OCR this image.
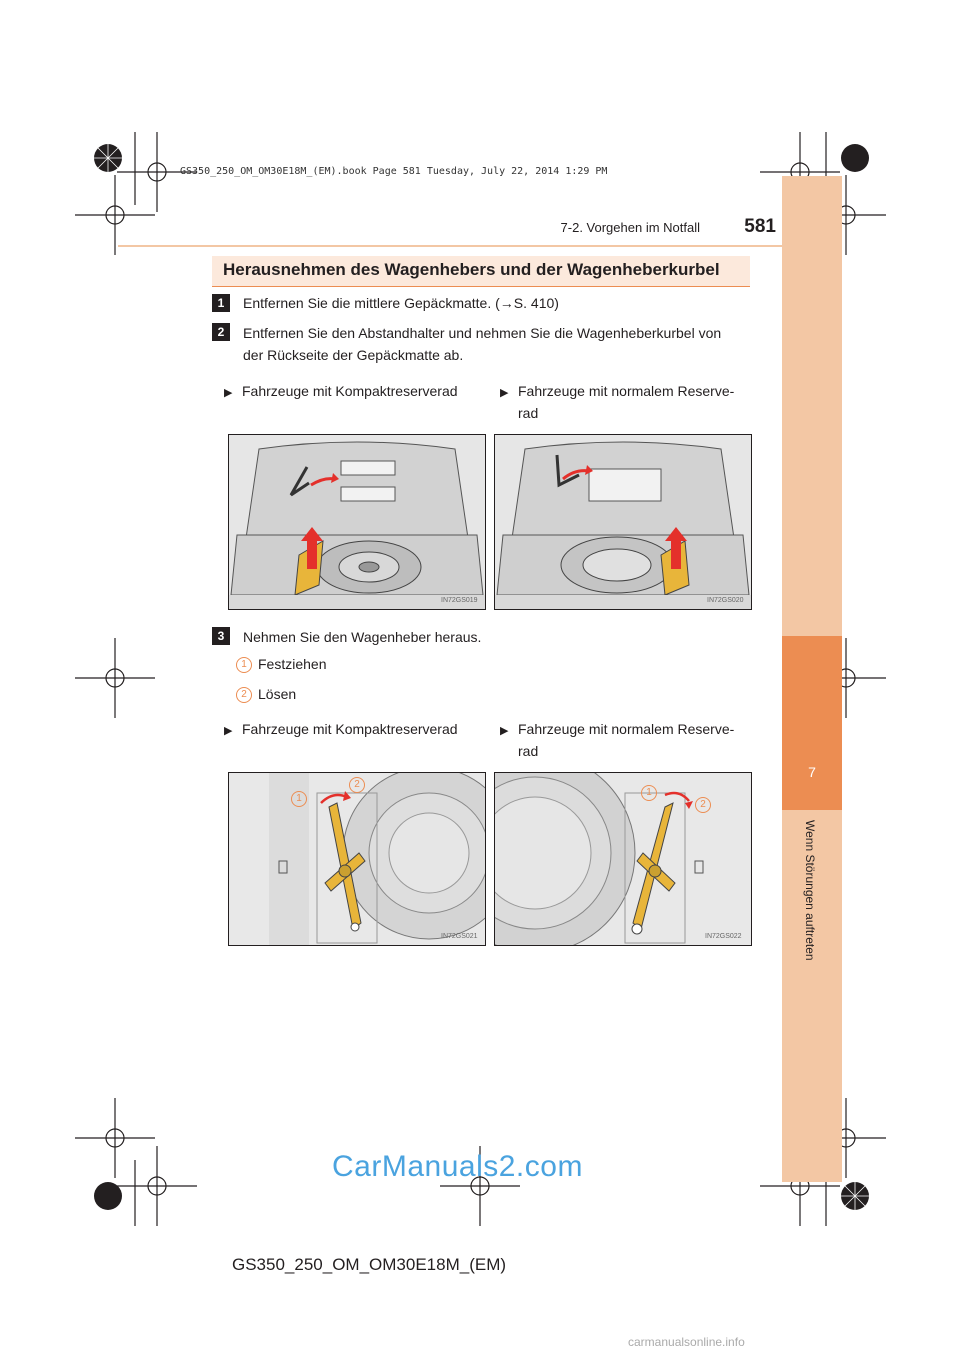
GS350_250_OM_OM30E18M_(EM).book Page 581 Tuesday, July 22, 2014 1:29 PM
7
Wenn Störungen auftreten
7-2. Vorgehen im Notfall	581
Herausnehmen des Wagenhebers und der Wagenheberkurbel
1	Entfernen Sie die mittlere Gepäckmatte. (→S. 410)
2	Entfernen Sie den Abstandhalter und nehmen Sie die Wagenheberkurbel von
der Rückseite der Gepäckmatte ab.
▶ Fahrzeuge mit Kompaktreserverad	▶ Fahrzeuge mit normalem Reserve-
rad
IN72GS019	IN72GS020
3	Nehmen Sie den Wagenheber heraus.
1 Festziehen
2 Lösen
▶ Fahrzeuge mit Kompaktreserverad	▶ Fahrzeuge mit normalem Reserve-
rad
1
2
IN72GS021
1
2
IN72GS022
CarManuals2.com
GS350_250_OM_OM30E18M_(EM)
carmanualsonline.info
